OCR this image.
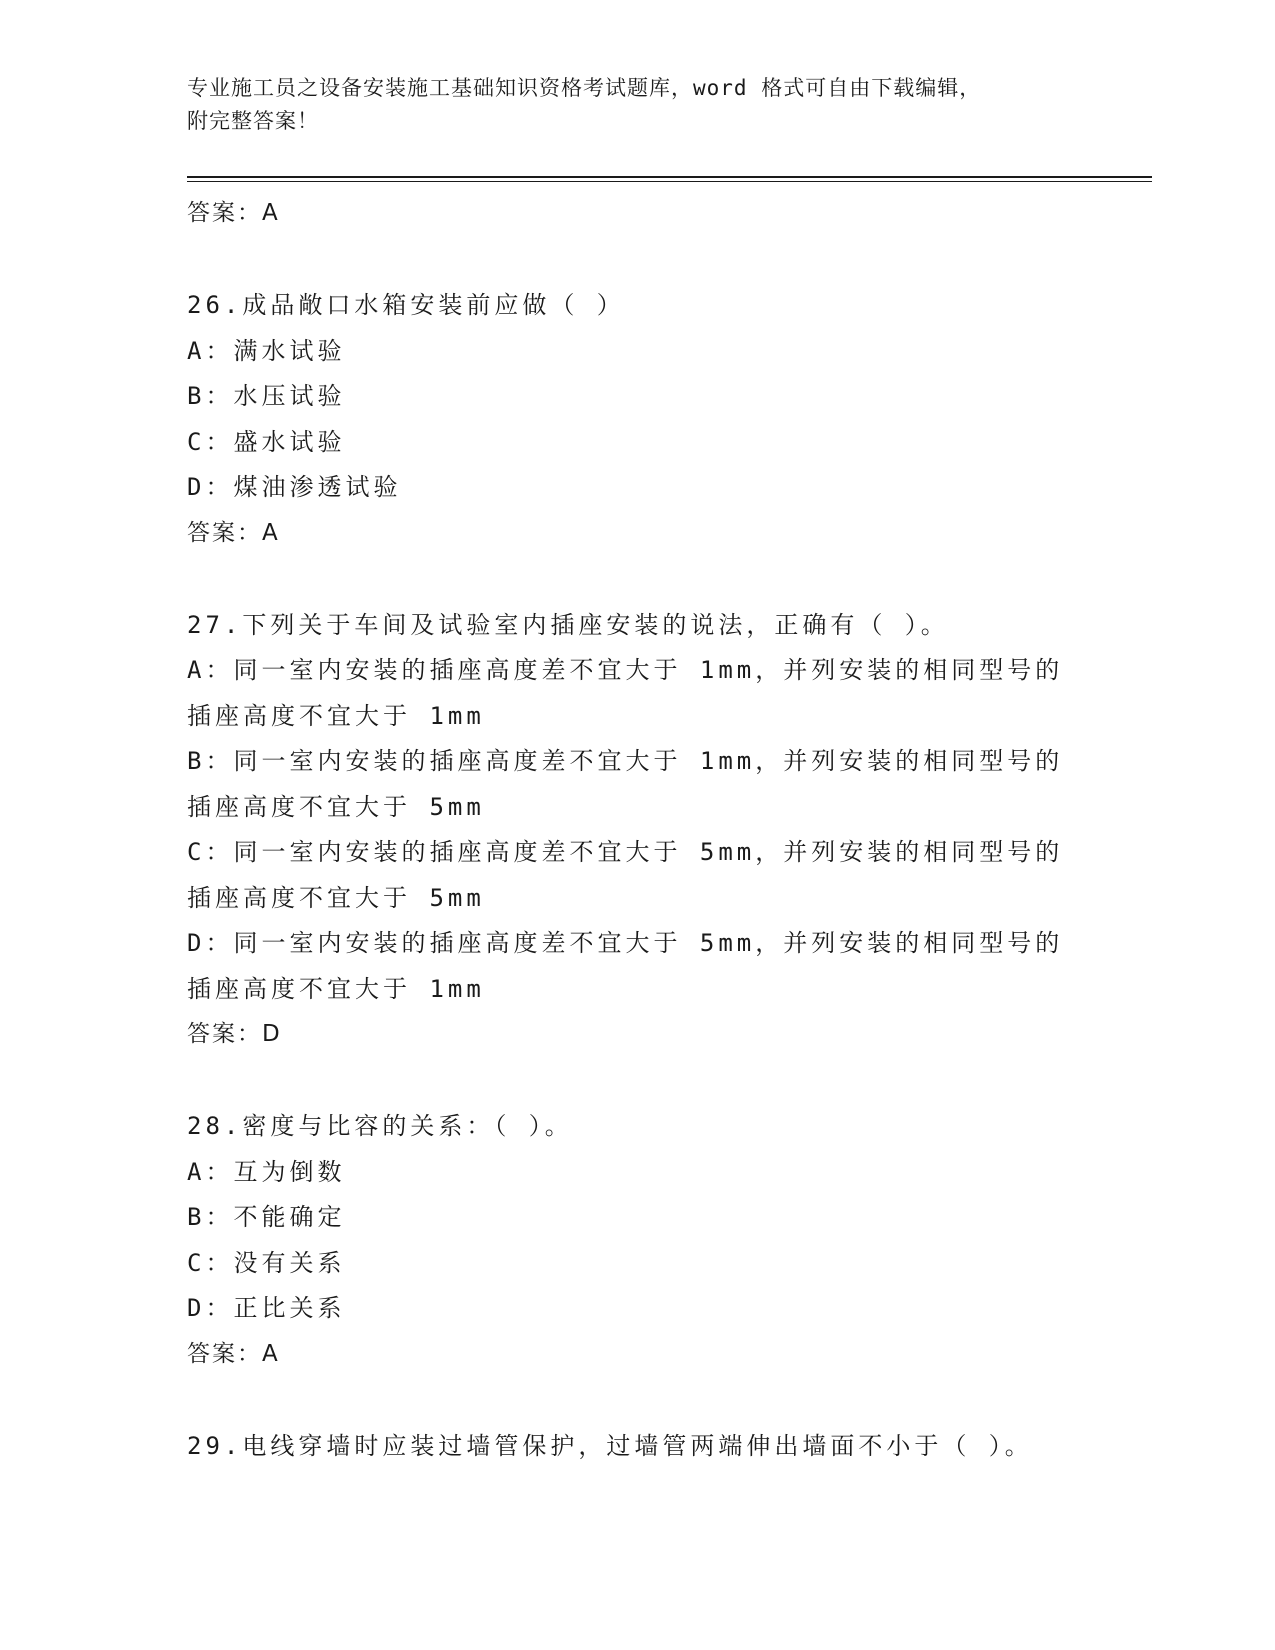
专业施工员之设备安装施工基础知识资格考试题库，word 格式可自由下载编辑，
附完整答案！
答案：A
26.成品敞口水箱安装前应做（ ）
A：满水试验
B：水压试验
C：盛水试验
D：煤油渗透试验
答案：A
27.下列关于车间及试验室内插座安装的说法，正确有（ ）。
A：同一室内安装的插座高度差不宜大于 1mm，并列安装的相同型号的
插座高度不宜大于 1mm
B：同一室内安装的插座高度差不宜大于 1mm，并列安装的相同型号的
插座高度不宜大于 5mm
C：同一室内安装的插座高度差不宜大于 5mm，并列安装的相同型号的
插座高度不宜大于 5mm
D：同一室内安装的插座高度差不宜大于 5mm，并列安装的相同型号的
插座高度不宜大于 1mm
答案：D
28.密度与比容的关系：（ ）。
A：互为倒数
B：不能确定
C：没有关系
D：正比关系
答案：A
29.电线穿墙时应装过墙管保护，过墙管两端伸出墙面不小于（ ）。
